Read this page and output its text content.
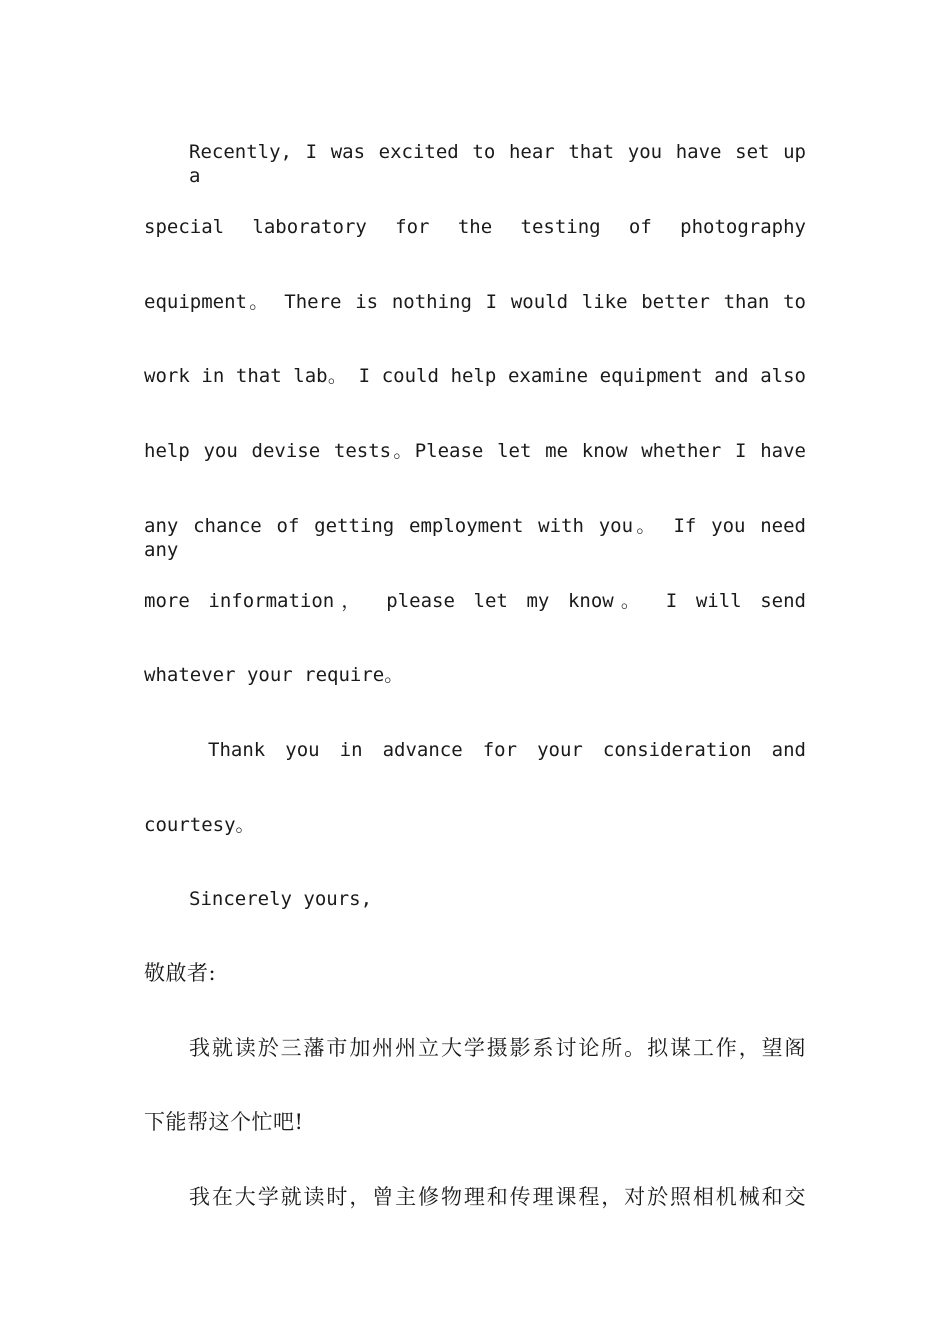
Recently, I was excited to hear that you have set up a
special laboratory for the testing of photography
equipment。 There is nothing I would like better than to
work in that lab。 I could help examine equipment and also
help you devise tests。Please let me know whether I have
any chance of getting employment with you。 If you need any
more information， please let my know。 I will send
whatever your require。
Thank you in advance for your consideration and
courtesy。
Sincerely yours,
敬啟者:
我就读於三藩市加州州立大学摄影系讨论所。拟谋工作，望阁
下能帮这个忙吧!
我在大学就读时，曾主修物理和传理课程，对於照相机械和交
